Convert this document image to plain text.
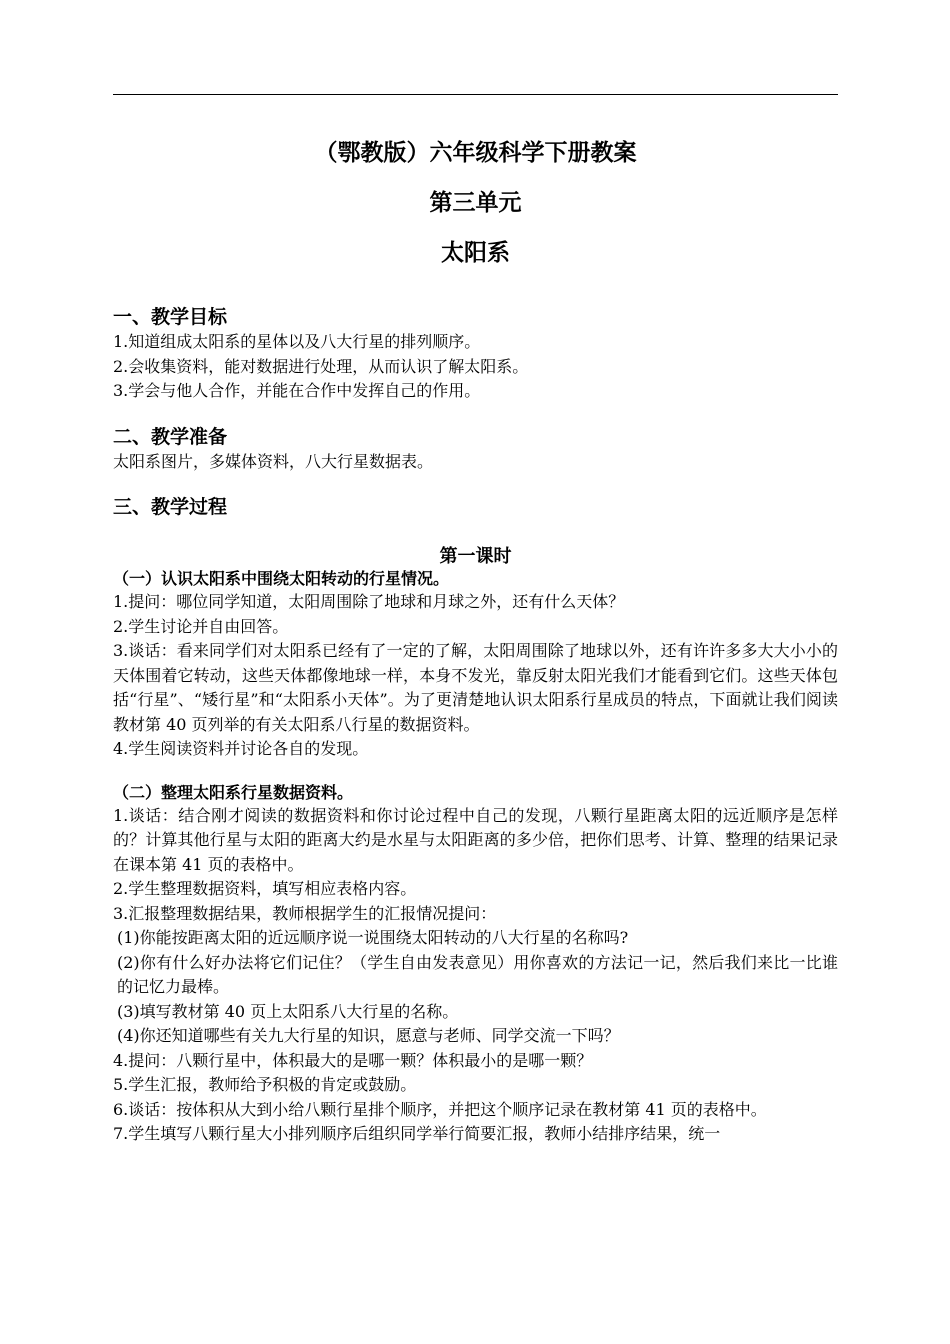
（鄂教版）六年级科学下册教案

第三单元

太阳系

一、教学目标

1.知道组成太阳系的星体以及八大行星的排列顺序。

2.会收集资料，能对数据进行处理，从而认识了解太阳系。

3.学会与他人合作，并能在合作中发挥自己的作用。

二、教学准备

太阳系图片，多媒体资料，八大行星数据表。

三、教学过程

第一课时

（一）认识太阳系中围绕太阳转动的行星情况。

1.提问：哪位同学知道，太阳周围除了地球和月球之外，还有什么天体？

2.学生讨论并自由回答。

3.谈话：看来同学们对太阳系已经有了一定的了解，太阳周围除了地球以外，还有许许多多大大小小的天体围着它转动，这些天体都像地球一样，本身不发光，靠反射太阳光我们才能看到它们。这些天体包括“行星”、“矮行星”和“太阳系小天体”。为了更清楚地认识太阳系行星成员的特点，下面就让我们阅读教材第 40 页列举的有关太阳系八行星的数据资料。

4.学生阅读资料并讨论各自的发现。

（二）整理太阳系行星数据资料。

1.谈话：结合刚才阅读的数据资料和你讨论过程中自己的发现，八颗行星距离太阳的远近顺序是怎样的？计算其他行星与太阳的距离大约是水星与太阳距离的多少倍，把你们思考、计算、整理的结果记录在课本第 41 页的表格中。

2.学生整理数据资料，填写相应表格内容。

3.汇报整理数据结果，教师根据学生的汇报情况提问：

(1)你能按距离太阳的近远顺序说一说围绕太阳转动的八大行星的名称吗?

(2)你有什么好办法将它们记住？（学生自由发表意见）用你喜欢的方法记一记，然后我们来比一比谁的记忆力最棒。

(3)填写教材第 40 页上太阳系八大行星的名称。

(4)你还知道哪些有关九大行星的知识，愿意与老师、同学交流一下吗？

4.提问：八颗行星中，体积最大的是哪一颗？体积最小的是哪一颗？

5.学生汇报，教师给予积极的肯定或鼓励。

6.谈话：按体积从大到小给八颗行星排个顺序，并把这个顺序记录在教材第 41 页的表格中。

7.学生填写八颗行星大小排列顺序后组织同学举行简要汇报，教师小结排序结果，统一
